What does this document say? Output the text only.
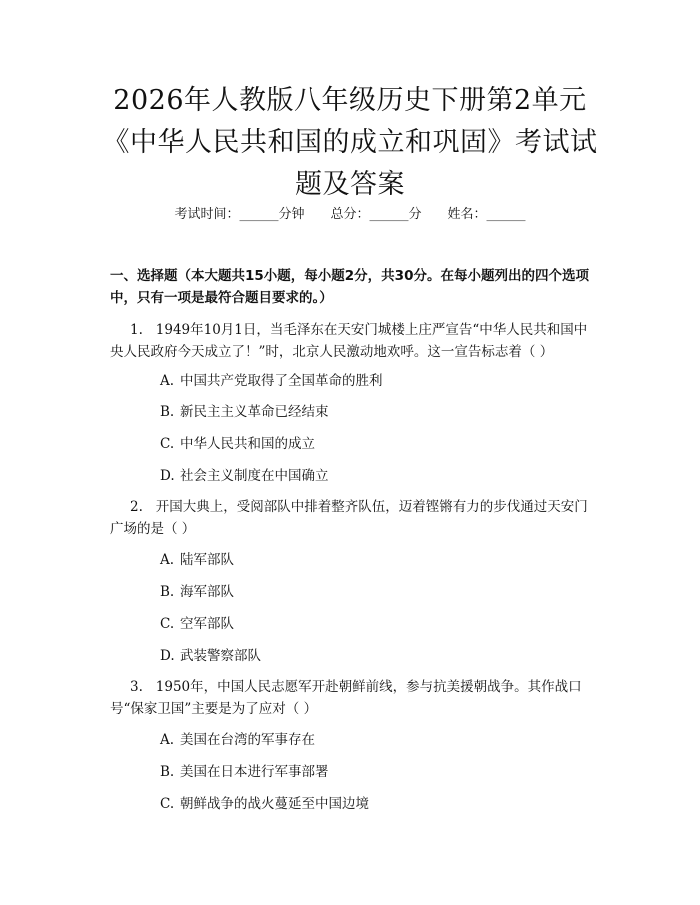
2026年人教版八年级历史下册第2单元《中华人民共和国的成立和巩固》考试试题及答案
考试时间：______分钟 总分：______分 姓名：______

一、选择题（本大题共15小题，每小题2分，共30分。在每小题列出的四个选项中，只有一项是最符合题目要求的。）

1. 1949年10月1日，当毛泽东在天安门城楼上庄严宣告“中华人民共和国中央人民政府今天成立了！”时，北京人民激动地欢呼。这一宣告标志着（ ）
A. 中国共产党取得了全国革命的胜利
B. 新民主主义革命已经结束
C. 中华人民共和国的成立
D. 社会主义制度在中国确立
2. 开国大典上，受阅部队中排着整齐队伍，迈着铿锵有力的步伐通过天安门广场的是（ ）
A. 陆军部队
B. 海军部队
C. 空军部队
D. 武装警察部队
3. 1950年，中国人民志愿军开赴朝鲜前线，参与抗美援朝战争。其作战口号“保家卫国”主要是为了应对（ ）
A. 美国在台湾的军事存在
B. 美国在日本进行军事部署
C. 朝鲜战争的战火蔓延至中国边境
